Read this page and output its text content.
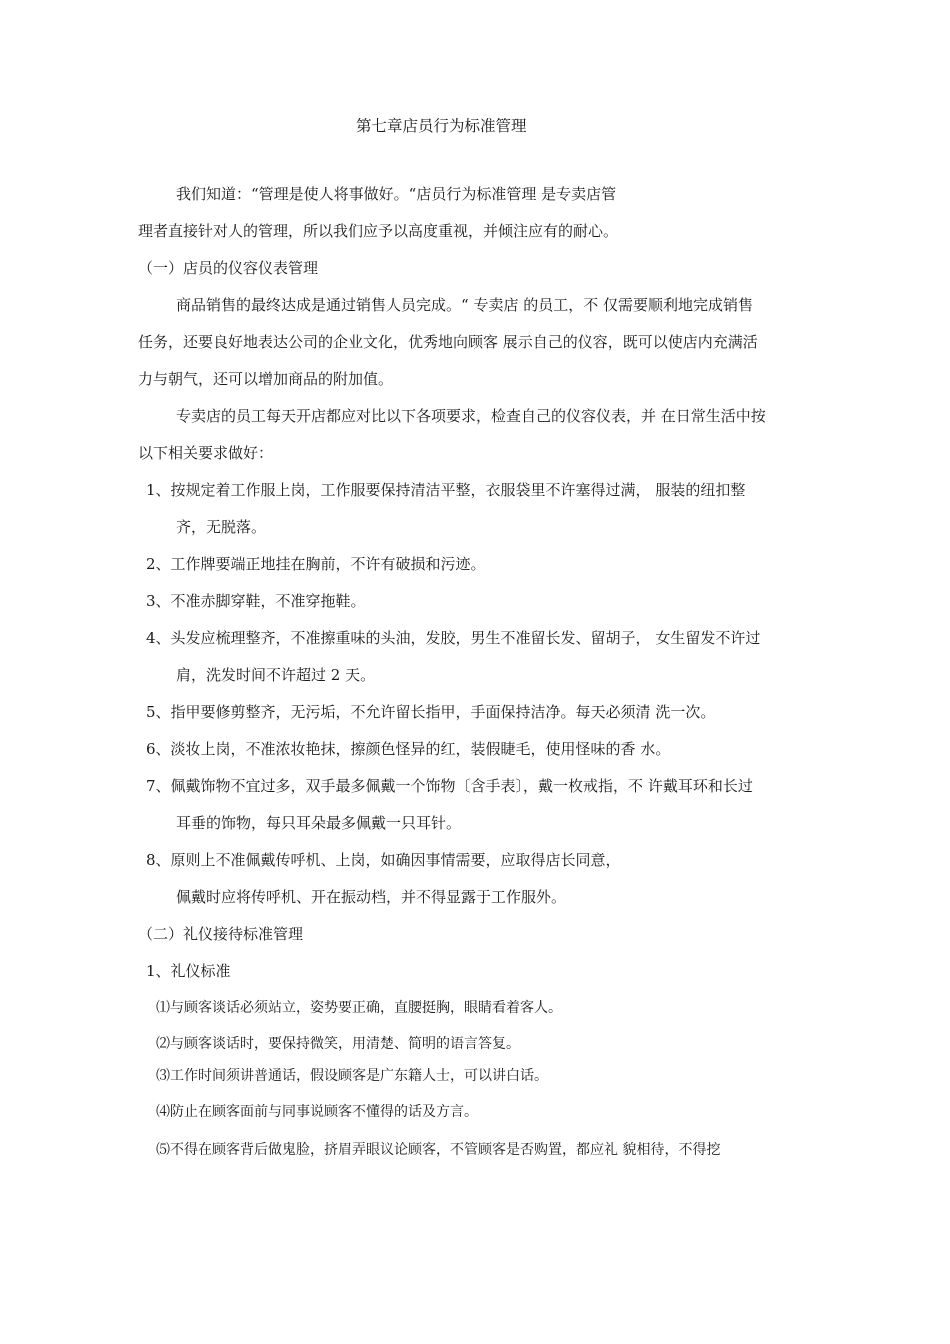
第七章店员行为标准管理
我们知道：“管理是使人将事做好。“店员行为标准管理 是专卖店管
理者直接针对人的管理，所以我们应予以高度重视，并倾注应有的耐心。
（一）店员的仪容仪表管理
商品销售的最终达成是通过销售人员完成。“ 专卖店 的员工，不 仅需要顺利地完成销售
任务，还要良好地表达公司的企业文化，优秀地向顾客 展示自己的仪容，既可以使店内充满活
力与朝气，还可以增加商品的附加值。
专卖店的员工每天开店都应对比以下各项要求，检查自己的仪容仪表，并 在日常生活中按
以下相关要求做好：
1、按规定着工作服上岗，工作服要保持清洁平整，衣服袋里不许塞得过满， 服装的纽扣整
齐，无脱落。
2、工作牌要端正地挂在胸前，不许有破损和污迹。
3、不准赤脚穿鞋，不准穿拖鞋。
4、头发应梳理整齐，不准擦重味的头油，发胶，男生不准留长发、留胡子， 女生留发不许过
肩，洗发时间不许超过 2 天。
5、指甲要修剪整齐，无污垢，不允许留长指甲，手面保持洁净。每天必须清 洗一次。
6、淡妆上岗，不准浓妆艳抹，擦颜色怪异的红，装假睫毛，使用怪味的香 水。
7、佩戴饰物不宜过多，双手最多佩戴一个饰物〔含手表〕，戴一枚戒指，不 许戴耳环和长过
耳垂的饰物，每只耳朵最多佩戴一只耳针。
8、原则上不准佩戴传呼机、上岗，如确因事情需要，应取得店长同意，
佩戴时应将传呼机、开在振动档，并不得显露于工作服外。
（二）礼仪接待标准管理
1、礼仪标准
⑴与顾客谈话必须站立，姿势要正确，直腰挺胸，眼睛看着客人。
⑵与顾客谈话时，要保持微笑，用清楚、简明的语言答复。
⑶工作时间须讲普通话，假设顾客是广东籍人士，可以讲白话。
⑷防止在顾客面前与同事说顾客不懂得的话及方言。
⑸不得在顾客背后做鬼脸，挤眉弄眼议论顾客，不管顾客是否购置，都应礼 貌相待，不得挖
